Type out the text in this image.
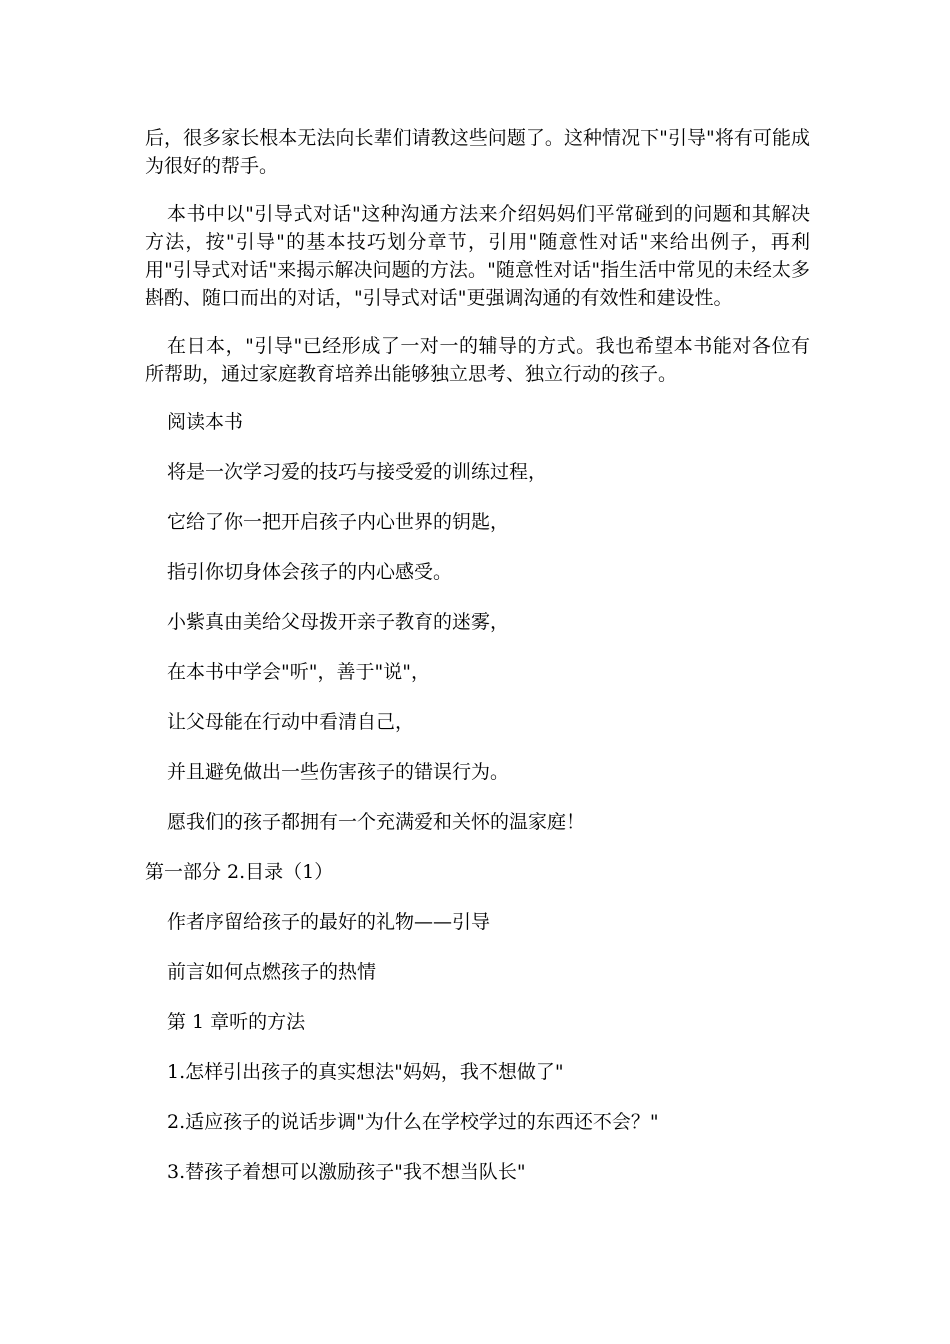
后，很多家长根本无法向长辈们请教这些问题了。这种情况下"引导"将有可能成为很好的帮手。

本书中以"引导式对话"这种沟通方法来介绍妈妈们平常碰到的问题和其解决方法，按"引导"的基本技巧划分章节，引用"随意性对话"来给出例子，再利用"引导式对话"来揭示解决问题的方法。"随意性对话"指生活中常见的未经太多斟酌、随口而出的对话，"引导式对话"更强调沟通的有效性和建设性。

在日本，"引导"已经形成了一对一的辅导的方式。我也希望本书能对各位有所帮助，通过家庭教育培养出能够独立思考、独立行动的孩子。

阅读本书
将是一次学习爱的技巧与接受爱的训练过程，
它给了你一把开启孩子内心世界的钥匙，
指引你切身体会孩子的内心感受。
小紫真由美给父母拨开亲子教育的迷雾，
在本书中学会"听"，善于"说"，
让父母能在行动中看清自己，
并且避免做出一些伤害孩子的错误行为。
愿我们的孩子都拥有一个充满爱和关怀的温家庭！
第一部分 2.目录（1）
作者序留给孩子的最好的礼物——引导
前言如何点燃孩子的热情
第 1 章听的方法
1.怎样引出孩子的真实想法"妈妈，我不想做了"
2.适应孩子的说话步调"为什么在学校学过的东西还不会？"
3.替孩子着想可以激励孩子"我不想当队长"
